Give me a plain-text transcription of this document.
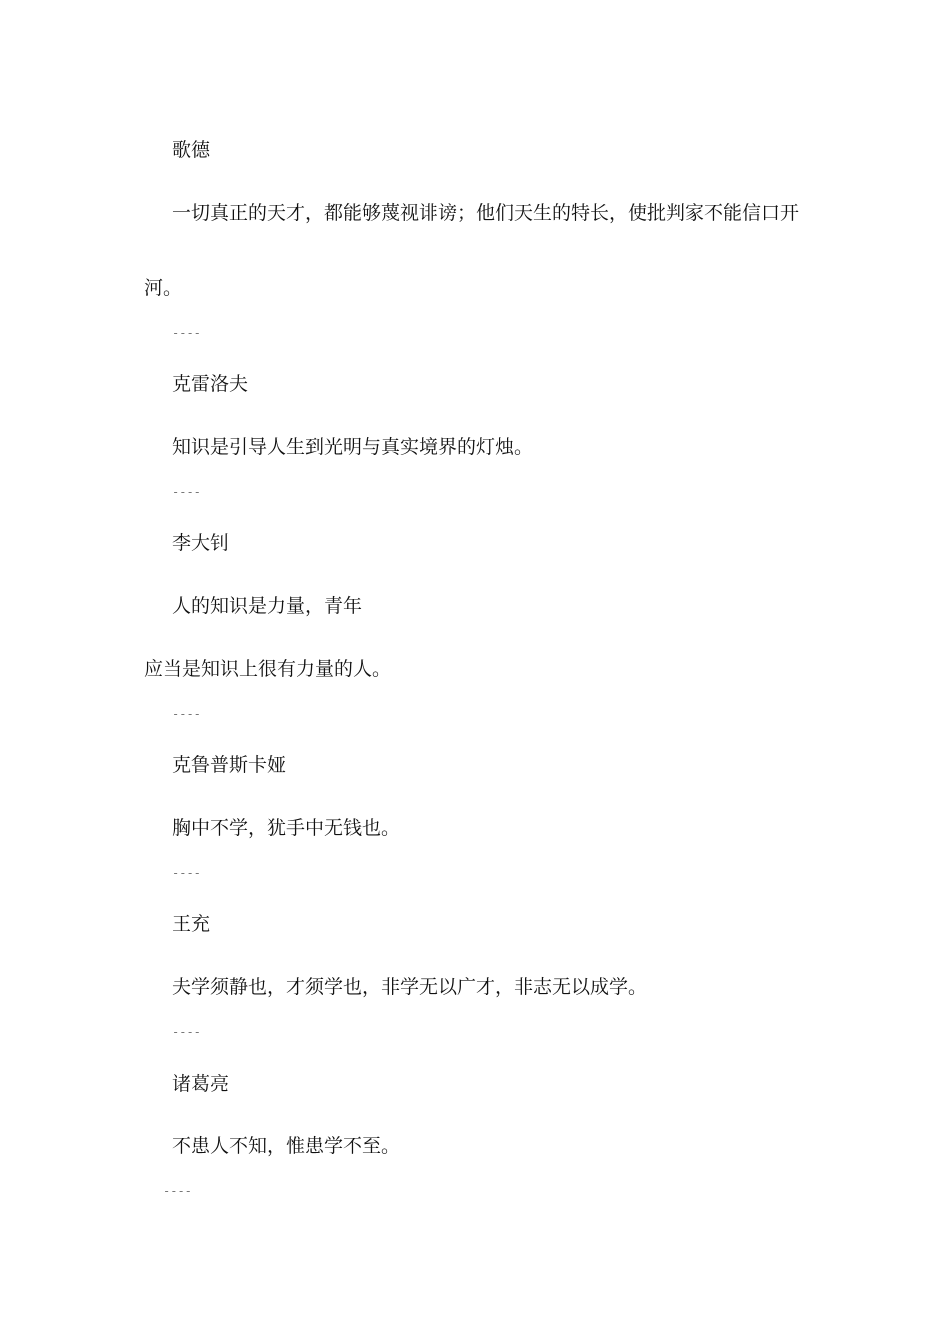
歌德
一切真正的天才，都能够蔑视诽谤；他们天生的特长，使批判家不能信口开
河。
----
克雷洛夫
知识是引导人生到光明与真实境界的灯烛。
----
李大钊
人的知识是力量，青年
应当是知识上很有力量的人。
----
克鲁普斯卡娅
胸中不学，犹手中无钱也。
----
王充
夫学须静也，才须学也，非学无以广才，非志无以成学。
----
诸葛亮
不患人不知，惟患学不至。
----
